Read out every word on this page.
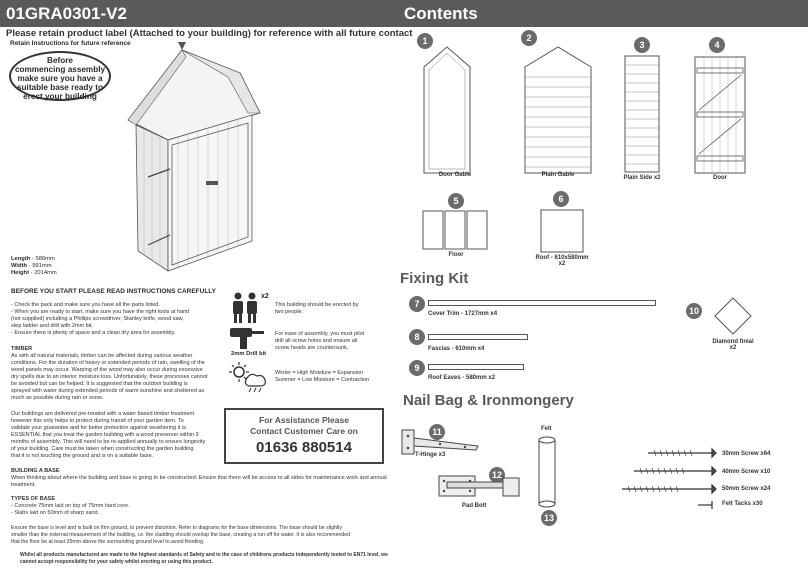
01GRA0301-V2	Contents
Please retain product label (Attached to your building) for reference with all future contact
Retain Instructions for future reference
Before
commencing assembly
make sure you have a
suitable base ready to
erect your building
Length - 580mm
Width - 991mm
Height - 2014mm
BEFORE YOU START PLEASE READ INSTRUCTIONS CAREFULLY
- Check the pack and make sure you have all the parts listed.
- When you are ready to start, make sure you have the right tools at hand
(not supplied) including a Phillips screwdriver, Stanley knife, wood saw,
step ladder and drill with 2mm bit.
- Ensure there is plenty of space and a clean dry area for assembly.
TIMBER
As with all natural materials, timber can be affected during various weather
conditions. For the duration of heavy or extended periods of rain, swelling of the
wood panels may occur. Warping of the wood may also occur during excessive
dry spells due to an interior moisture loss. Unfortunately, these processes cannot
be avoided but can be helped. It is suggested that the outdoor building is
sprayed with water during extended periods of warm sunshine and sheltered as
much as possible during rain or snow.
Our buildings are delivered pre-treated with a water based timber treatment
however this only helps to protect during transit of your garden item. To
validate your guarantee and for better protection against weathering it is
ESSENTIAL that you treat the garden building with a wood preserver within 3
months of assembly. This will need to be re-applied annually to ensure longevity
of your building. Care must be taken when constructing the garden building
that it is not touching the ground and is on a suitable base.
BUILDING A BASE
When thinking about where the building and base is going to be constructed: Ensure that there will be access to all sides for maintenance work and annual treatment.
TYPES OF BASE
- Concrete 75mm laid on top of 75mm hard core.
- Slabs laid on 50mm of sharp sand.
Ensure the base is level and is built on firm ground, to prevent distortion. Refer to diagrams for the base dimensions. The base should be slightly
smaller than the external measurement of the building, i.e. the cladding should overlap the base, creating a run off for water. It is also recommended
that the floor be at least 25mm above the surrounding ground level to avoid flooding.
Whilst all products manufactured are made to the highest standards of Safety and in the case of childrens products independently tested to EN71 level, we
cannot accept responsibility for your safety whilst erecting or using this product.
x2
This building should be erected by
two people.
2mm Drill bit
For ease of assembly, you must pilot
drill all screw holes and ensure all
screw heads are countersunk.
Winter = High Moisture = Expansion
Summer = Low Moisture = Contraction
For Assistance Please
Contact Customer Care on
01636 880514
1
Door Gable
2
Plain Gable
3
Plain Side x2
4
Door
5
Floor
6
Roof - 610x580mm
x2
Fixing Kit
7
Cover Trim - 1727mm x4
8
Fascias - 610mm x4
9
Roof Eaves - 580mm x2
10
Diamond finial
x2
Nail Bag & Ironmongery
11
T-Hinge x3
12
Pad Bolt
Felt
13
30mm Screw x64
40mm Screw x10
50mm Screw x24
Felt Tacks x30
